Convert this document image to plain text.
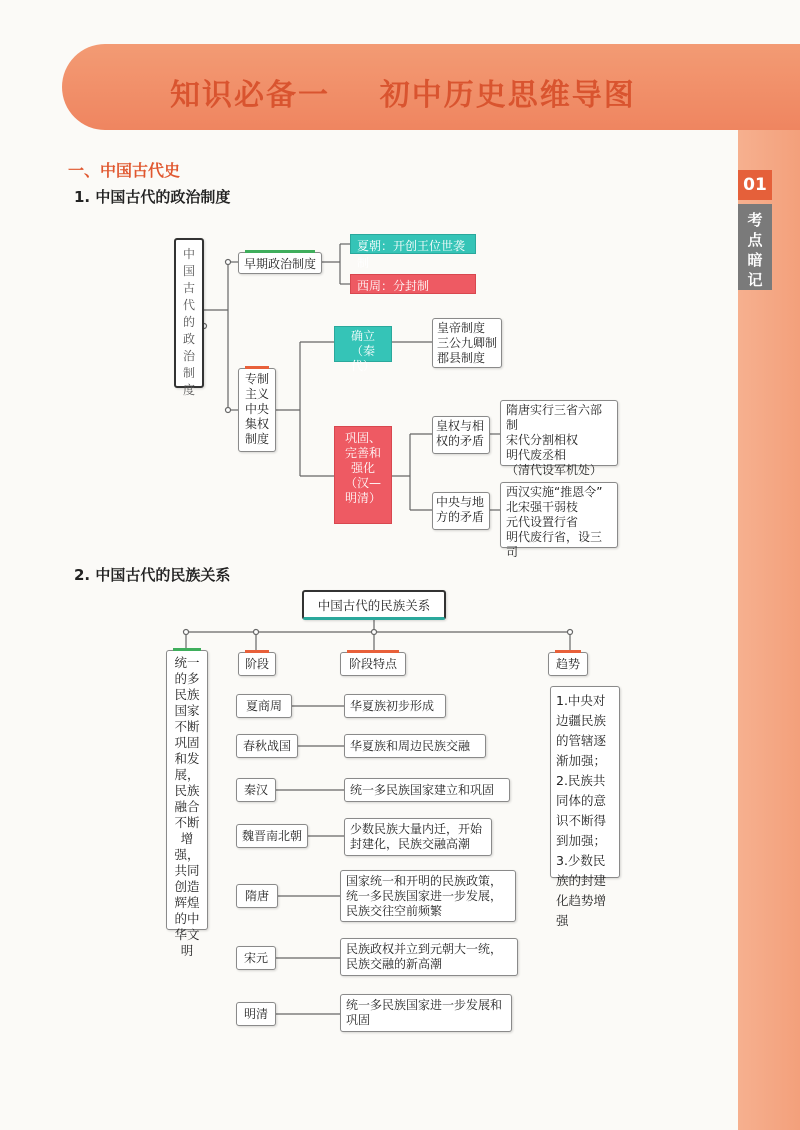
知识必备一    初中历史思维导图
01
考点暗记
一、中国古代史
1. 中国古代的政治制度
2. 中国古代的民族关系
中国古代的政治制度
早期政治制度
夏朝：开创王位世袭制
西周：分封制
专制主义中央集权制度
确立（秦代）
皇帝制度
三公九卿制
郡县制度
巩固、完善和强化（汉—明清）
皇权与相权的矛盾
隋唐实行三省六部制
宋代分割相权
明代废丞相
（清代设军机处）
中央与地方的矛盾
西汉实施“推恩令”
北宋强干弱枝
元代设置行省
明代废行省，设三司
中国古代的民族关系
统一的多民族国家不断巩固和发展，民族融合不断增强，共同创造辉煌的中华文明
阶段	阶段特点	趋势
夏商周	华夏族初步形成
春秋战国	华夏族和周边民族交融
秦汉	统一多民族国家建立和巩固
魏晋南北朝	少数民族大量内迁，开始封建化，民族交融高潮
隋唐
国家统一和开明的民族政策，统一多民族国家进一步发展，民族交往空前频繁
宋元
民族政权并立到元朝大一统，民族交融的新高潮
明清
统一多民族国家进一步发展和巩固
1.中央对边疆民族的管辖逐渐加强；
2.民族共同体的意识不断得到加强；
3.少数民族的封建化趋势增强
